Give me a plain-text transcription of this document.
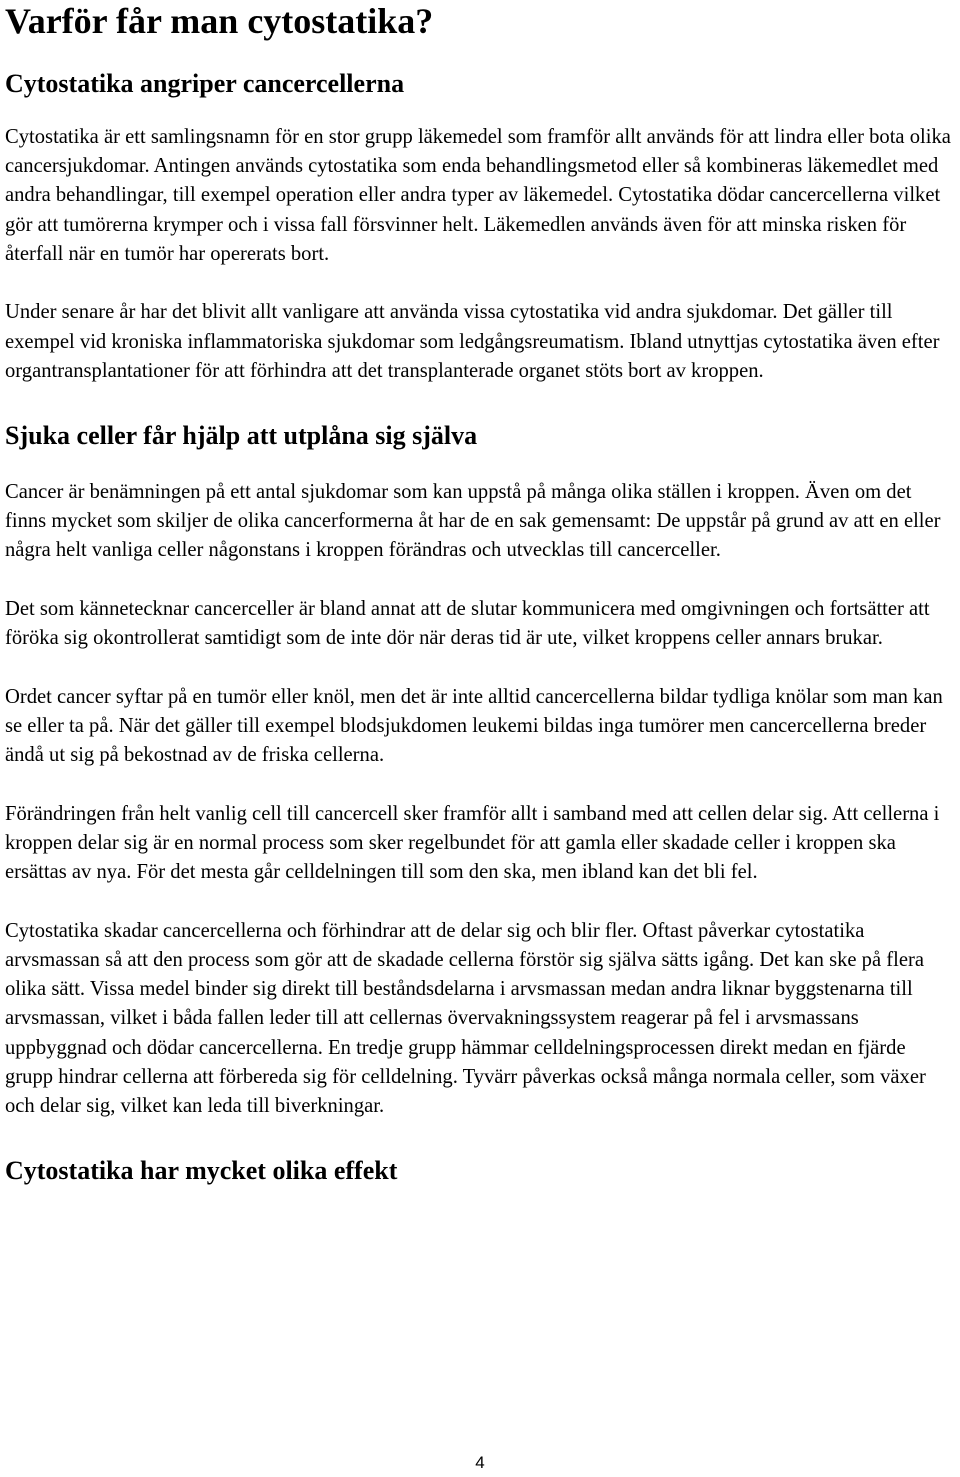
Varför får man cytostatika?
Cytostatika angriper cancercellerna

Cytostatika är ett samlingsnamn för en stor grupp läkemedel som framför allt används för att lindra eller bota olika cancersjukdomar. Antingen används cytostatika som enda behandlingsmetod eller så kombineras läkemedlet med andra behandlingar, till exempel operation eller andra typer av läkemedel. Cytostatika dödar cancercellerna vilket gör att tumörerna krymper och i vissa fall försvinner helt. Läkemedlen används även för att minska risken för återfall när en tumör har opererats bort.

Under senare år har det blivit allt vanligare att använda vissa cytostatika vid andra sjukdomar. Det gäller till exempel vid kroniska inflammatoriska sjukdomar som ledgångsreumatism. Ibland utnyttjas cytostatika även efter organtransplantationer för att förhindra att det transplanterade organet stöts bort av kroppen.

Sjuka celler får hjälp att utplåna sig själva

Cancer är benämningen på ett antal sjukdomar som kan uppstå på många olika ställen i kroppen. Även om det finns mycket som skiljer de olika cancerformerna åt har de en sak gemensamt: De uppstår på grund av att en eller några helt vanliga celler någonstans i kroppen förändras och utvecklas till cancerceller.

Det som kännetecknar cancerceller är bland annat att de slutar kommunicera med omgivningen och fortsätter att föröka sig okontrollerat samtidigt som de inte dör när deras tid är ute, vilket kroppens celler annars brukar.

Ordet cancer syftar på en tumör eller knöl, men det är inte alltid cancercellerna bildar tydliga knölar som man kan se eller ta på. När det gäller till exempel blodsjukdomen leukemi bildas inga tumörer men cancercellerna breder ändå ut sig på bekostnad av de friska cellerna.

Förändringen från helt vanlig cell till cancercell sker framför allt i samband med att cellen delar sig. Att cellerna i kroppen delar sig är en normal process som sker regelbundet för att gamla eller skadade celler i kroppen ska ersättas av nya. För det mesta går celldelningen till som den ska, men ibland kan det bli fel.

Cytostatika skadar cancercellerna och förhindrar att de delar sig och blir fler. Oftast påverkar cytostatika arvsmassan så att den process som gör att de skadade cellerna förstör sig själva sätts igång. Det kan ske på flera olika sätt. Vissa medel binder sig direkt till beståndsdelarna i arvsmassan medan andra liknar byggstenarna till arvsmassan, vilket i båda fallen leder till att cellernas övervakningssystem reagerar på fel i arvsmassans uppbyggnad och dödar cancercellerna. En tredje grupp hämmar celldelningsprocessen direkt medan en fjärde grupp hindrar cellerna att förbereda sig för celldelning. Tyvärr påverkas också många normala celler, som växer och delar sig, vilket kan leda till biverkningar.

Cytostatika har mycket olika effekt
4
